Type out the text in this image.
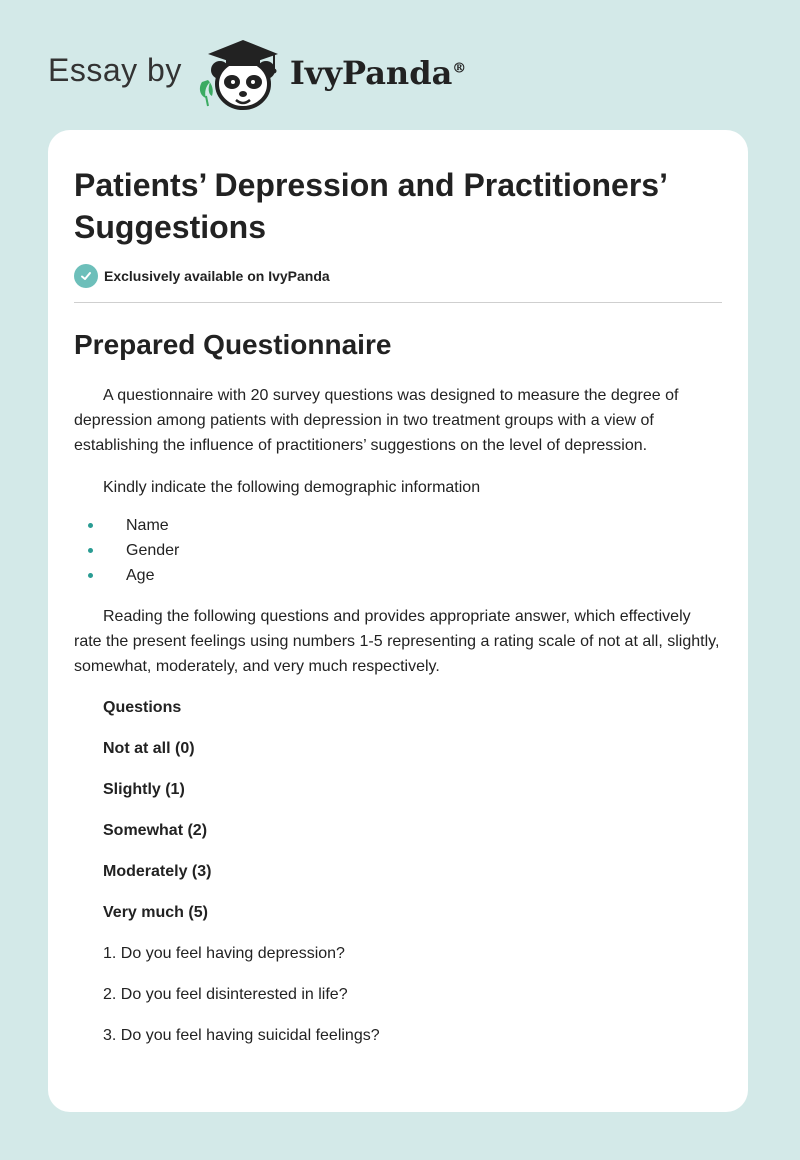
Essay by	IvyPanda®
Patients’ Depression and Practitioners’ Suggestions
Exclusively available on IvyPanda
Prepared Questionnaire

A questionnaire with 20 survey questions was designed to measure the degree of depression among patients with depression in two treatment groups with a view of establishing the influence of practitioners’ suggestions on the level of depression.

Kindly indicate the following demographic information

Name
Gender
Age

Reading the following questions and provides appropriate answer, which effectively rate the present feelings using numbers 1-5 representing a rating scale of not at all, slightly, somewhat, moderately, and very much respectively.

Questions

Not at all (0)

Slightly (1)

Somewhat (2)

Moderately (3)

Very much (5)

1. Do you feel having depression?

2. Do you feel disinterested in life?

3. Do you feel having suicidal feelings?
